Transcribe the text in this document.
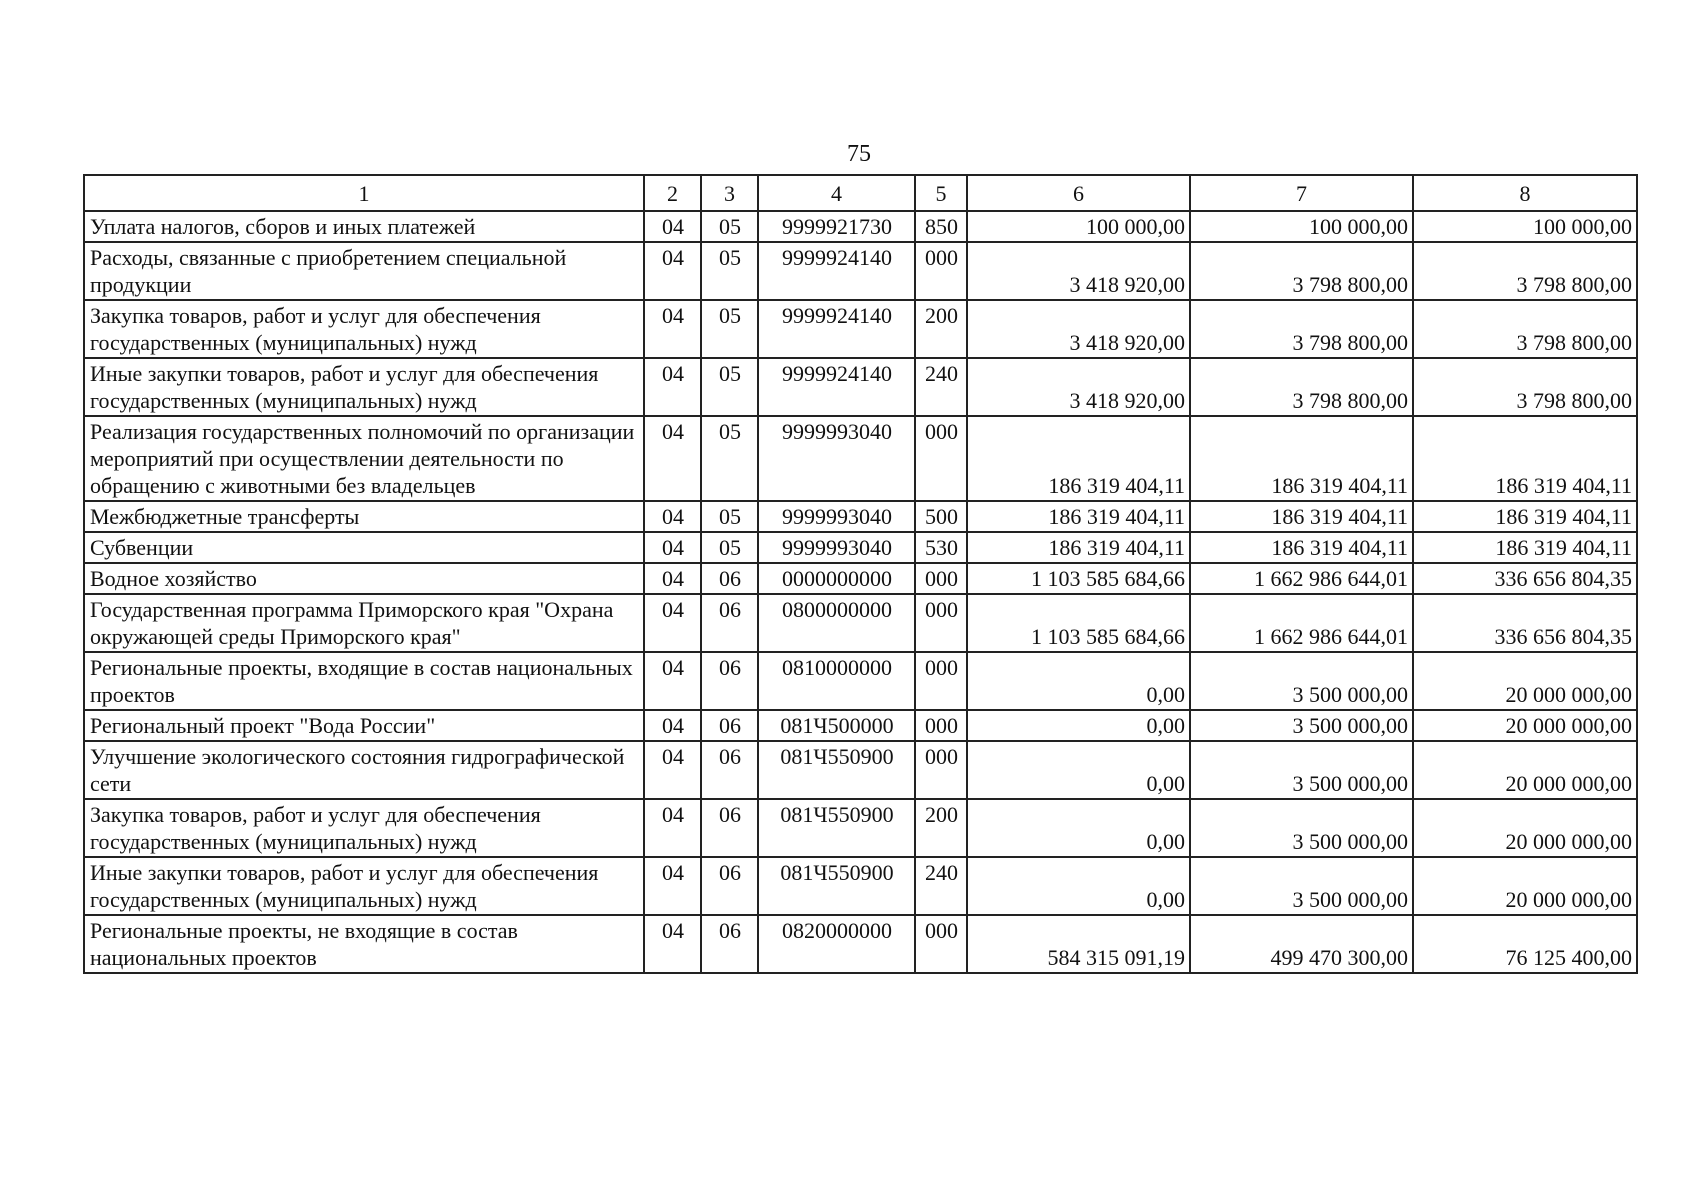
75
1	2	3	4	5	6	7	8
Уплата налогов, сборов и иных платежей	04	05	9999921730	850	100 000,00	100 000,00	100 000,00
Расходы, связанные с приобретением специальной продукции	04	05	9999924140	000	3 418 920,00	3 798 800,00	3 798 800,00
Закупка товаров, работ и услуг для обеспечения государственных (муниципальных) нужд	04	05	9999924140	200	3 418 920,00	3 798 800,00	3 798 800,00
Иные закупки товаров, работ и услуг для обеспечения государственных (муниципальных) нужд	04	05	9999924140	240	3 418 920,00	3 798 800,00	3 798 800,00
Реализация государственных полномочий по организации мероприятий при осуществлении деятельности по обращению с животными без владельцев	04	05	9999993040	000	186 319 404,11	186 319 404,11	186 319 404,11
Межбюджетные трансферты	04	05	9999993040	500	186 319 404,11	186 319 404,11	186 319 404,11
Субвенции	04	05	9999993040	530	186 319 404,11	186 319 404,11	186 319 404,11
Водное хозяйство	04	06	0000000000	000	1 103 585 684,66	1 662 986 644,01	336 656 804,35
Государственная программа Приморского края "Охрана окружающей среды Приморского края"	04	06	0800000000	000	1 103 585 684,66	1 662 986 644,01	336 656 804,35
Региональные проекты, входящие в состав национальных проектов	04	06	0810000000	000	0,00	3 500 000,00	20 000 000,00
Региональный проект "Вода России"	04	06	081Ч500000	000	0,00	3 500 000,00	20 000 000,00
Улучшение экологического состояния гидрографической сети	04	06	081Ч550900	000	0,00	3 500 000,00	20 000 000,00
Закупка товаров, работ и услуг для обеспечения государственных (муниципальных) нужд	04	06	081Ч550900	200	0,00	3 500 000,00	20 000 000,00
Иные закупки товаров, работ и услуг для обеспечения государственных (муниципальных) нужд	04	06	081Ч550900	240	0,00	3 500 000,00	20 000 000,00
Региональные проекты, не входящие в состав национальных проектов	04	06	0820000000	000	584 315 091,19	499 470 300,00	76 125 400,00
